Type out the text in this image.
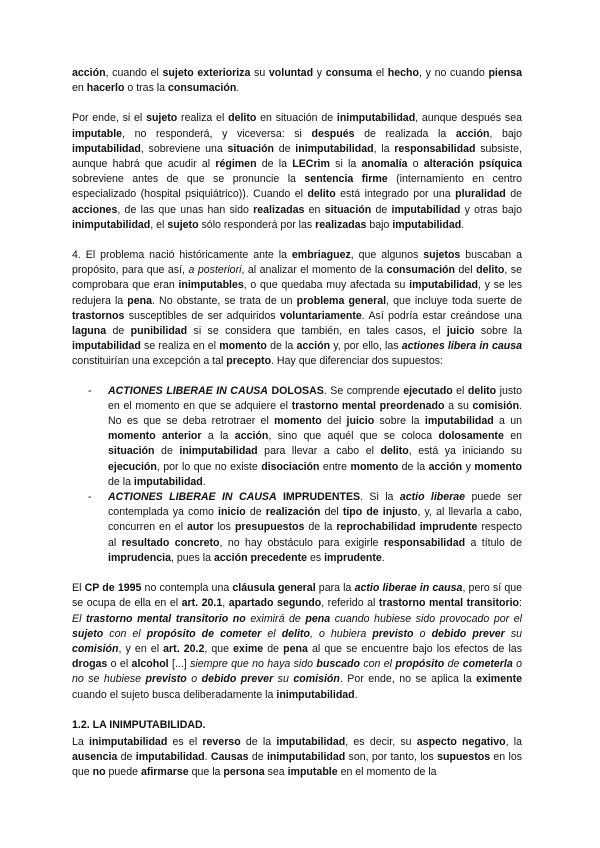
acción, cuando el sujeto exterioriza su voluntad y consuma el hecho, y no cuando piensa en hacerlo o tras la consumación.

Por ende, si el sujeto realiza el delito en situación de inimputabilidad, aunque después sea imputable, no responderá, y viceversa: si después de realizada la acción, bajo imputabilidad, sobreviene una situación de inimputabilidad, la responsabilidad subsiste, aunque habrá que acudir al régimen de la LECrim si la anomalía o alteración psíquica sobreviene antes de que se pronuncie la sentencia firme (internamiento en centro especializado (hospital psiquiátrico)). Cuando el delito está integrado por una pluralidad de acciones, de las que unas han sido realizadas en situación de imputabilidad y otras bajo inimputabilidad, el sujeto sólo responderá por las realizadas bajo imputabilidad.

4. El problema nació históricamente ante la embriaguez, que algunos sujetos buscaban a propósito, para que así, a posteriori, al analizar el momento de la consumación del delito, se comprobara que eran inimputables, o que quedaba muy afectada su imputabilidad, y se les redujera la pena. No obstante, se trata de un problema general, que incluye toda suerte de trastornos susceptibles de ser adquiridos voluntariamente. Así podría estar creándose una laguna de punibilidad si se considera que también, en tales casos, el juicio sobre la imputabilidad se realiza en el momento de la acción y, por ello, las actiones libera in causa constituirían una excepción a tal precepto. Hay que diferenciar dos supuestos:

- ACTIONES LIBERAE IN CAUSA DOLOSAS. Se comprende ejecutado el delito justo en el momento en que se adquiere el trastorno mental preordenado a su comisión. No es que se deba retrotraer el momento del juicio sobre la imputabilidad a un momento anterior a la acción, sino que aquél que se coloca dolosamente en situación de inimputabilidad para llevar a cabo el delito, está ya iniciando su ejecución, por lo que no existe disociación entre momento de la acción y momento de la imputabilidad.
- ACTIONES LIBERAE IN CAUSA IMPRUDENTES. Si la actio liberae puede ser contemplada ya como inicio de realización del tipo de injusto, y, al llevarla a cabo, concurren en el autor los presupuestos de la reprochabilidad imprudente respecto al resultado concreto, no hay obstáculo para exigirle responsabilidad a título de imprudencia, pues la acción precedente es imprudente.

El CP de 1995 no contempla una cláusula general para la actio liberae in causa, pero sí que se ocupa de ella en el art. 20.1, apartado segundo, referido al trastorno mental transitorio: El trastorno mental transitorio no eximirá de pena cuando hubiese sido provocado por el sujeto con el propósito de cometer el delito, o hubiera previsto o debido prever su comisión, y en el art. 20.2, que exime de pena al que se encuentre bajo los efectos de las drogas o el alcohol [...] siempre que no haya sido buscado con el propósito de cometerla o no se hubiese previsto o debido prever su comisión. Por ende, no se aplica la eximente cuando el sujeto busca deliberadamente la inimputabilidad.

1.2. LA INIMPUTABILIDAD.

La inimputabilidad es el reverso de la imputabilidad, es decir, su aspecto negativo, la ausencia de imputabilidad. Causas de inimputabilidad son, por tanto, los supuestos en los que no puede afirmarse que la persona sea imputable en el momento de la
